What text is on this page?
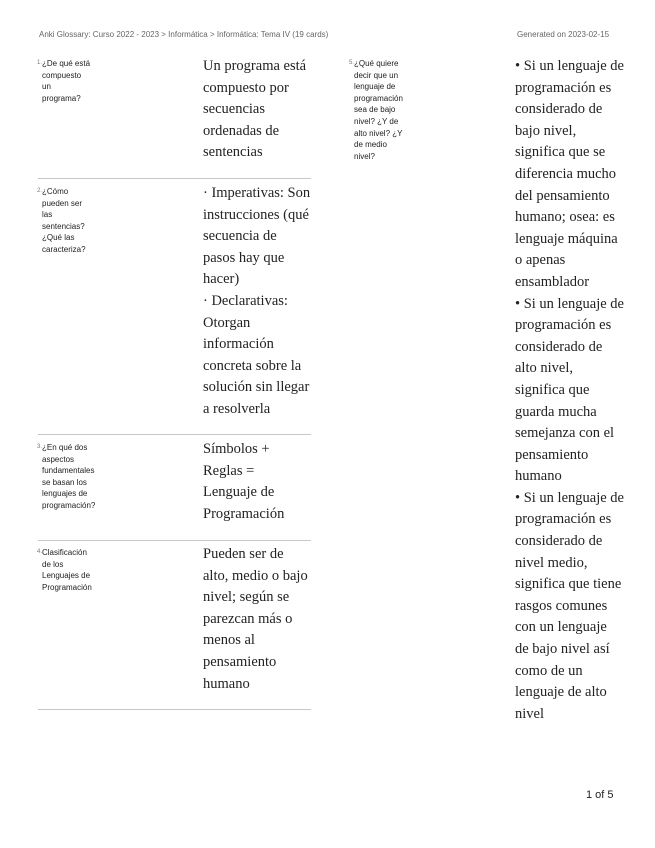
Anki Glossary: Curso 2022 - 2023 > Informática > Informática: Tema IV (19 cards)	Generated on 2023-02-15
1. ¿De qué está
compuesto
un
programa?
Un programa está
compuesto por
secuencias
ordenadas de
sentencias
2. ¿Cómo
pueden ser
las
sentencias?
¿Qué las
caracteriza?
· Imperativas: Son
instrucciones (qué
secuencia de
pasos hay que
hacer)
· Declarativas:
Otorgan
información
concreta sobre la
solución sin llegar
a resolverla
3. ¿En qué dos
aspectos
fundamentales
se basan los
lenguajes de
programación?
Símbolos +
Reglas =
Lenguaje de
Programación
4. Clasificación
de los
Lenguajes de
Programación
Pueden ser de
alto, medio o bajo
nivel; según se
parezcan más o
menos al
pensamiento
humano
5. ¿Qué quiere
decir que un
lenguaje de
programación
sea de bajo
nivel? ¿Y de
alto nivel? ¿Y
de medio
nivel?
• Si un lenguaje de
programación es
considerado de
bajo nivel,
significa que se
diferencia mucho
del pensamiento
humano; osea: es
lenguaje máquina
o apenas
ensamblador
• Si un lenguaje de
programación es
considerado de
alto nivel,
significa que
guarda mucha
semejanza con el
pensamiento
humano
• Si un lenguaje de
programación es
considerado de
nivel medio,
significa que tiene
rasgos comunes
con un lenguaje
de bajo nivel así
como de un
lenguaje de alto
nivel
1 of 5
